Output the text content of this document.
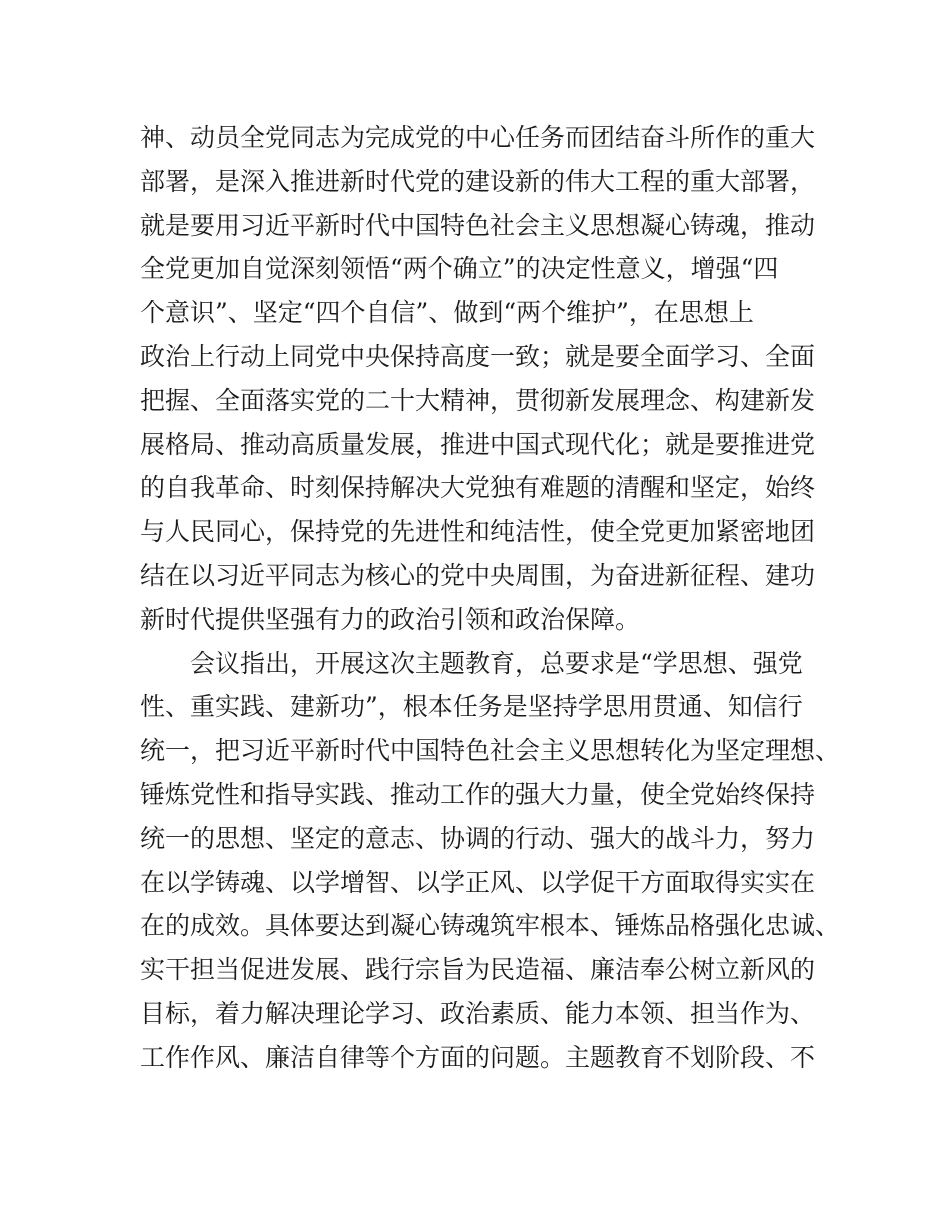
神、动员全党同志为完成党的中心任务而团结奋斗所作的重大
部署，是深入推进新时代党的建设新的伟大工程的重大部署，
就是要用习近平新时代中国特色社会主义思想凝心铸魂，推动
全党更加自觉深刻领悟“两个确立”的决定性意义，增强“四
个意识”、坚定“四个自信”、做到“两个维护”，在思想上
政治上行动上同党中央保持高度一致；就是要全面学习、全面
把握、全面落实党的二十大精神，贯彻新发展理念、构建新发
展格局、推动高质量发展，推进中国式现代化；就是要推进党
的自我革命、时刻保持解决大党独有难题的清醒和坚定，始终
与人民同心，保持党的先进性和纯洁性，使全党更加紧密地团
结在以习近平同志为核心的党中央周围，为奋进新征程、建功
新时代提供坚强有力的政治引领和政治保障。
会议指出，开展这次主题教育，总要求是“学思想、强党
性、重实践、建新功”，根本任务是坚持学思用贯通、知信行
统一，把习近平新时代中国特色社会主义思想转化为坚定理想、
锤炼党性和指导实践、推动工作的强大力量，使全党始终保持
统一的思想、坚定的意志、协调的行动、强大的战斗力，努力
在以学铸魂、以学增智、以学正风、以学促干方面取得实实在
在的成效。具体要达到凝心铸魂筑牢根本、锤炼品格强化忠诚、
实干担当促进发展、践行宗旨为民造福、廉洁奉公树立新风的
目标，着力解决理论学习、政治素质、能力本领、担当作为、
工作作风、廉洁自律等个方面的问题。主题教育不划阶段、不
